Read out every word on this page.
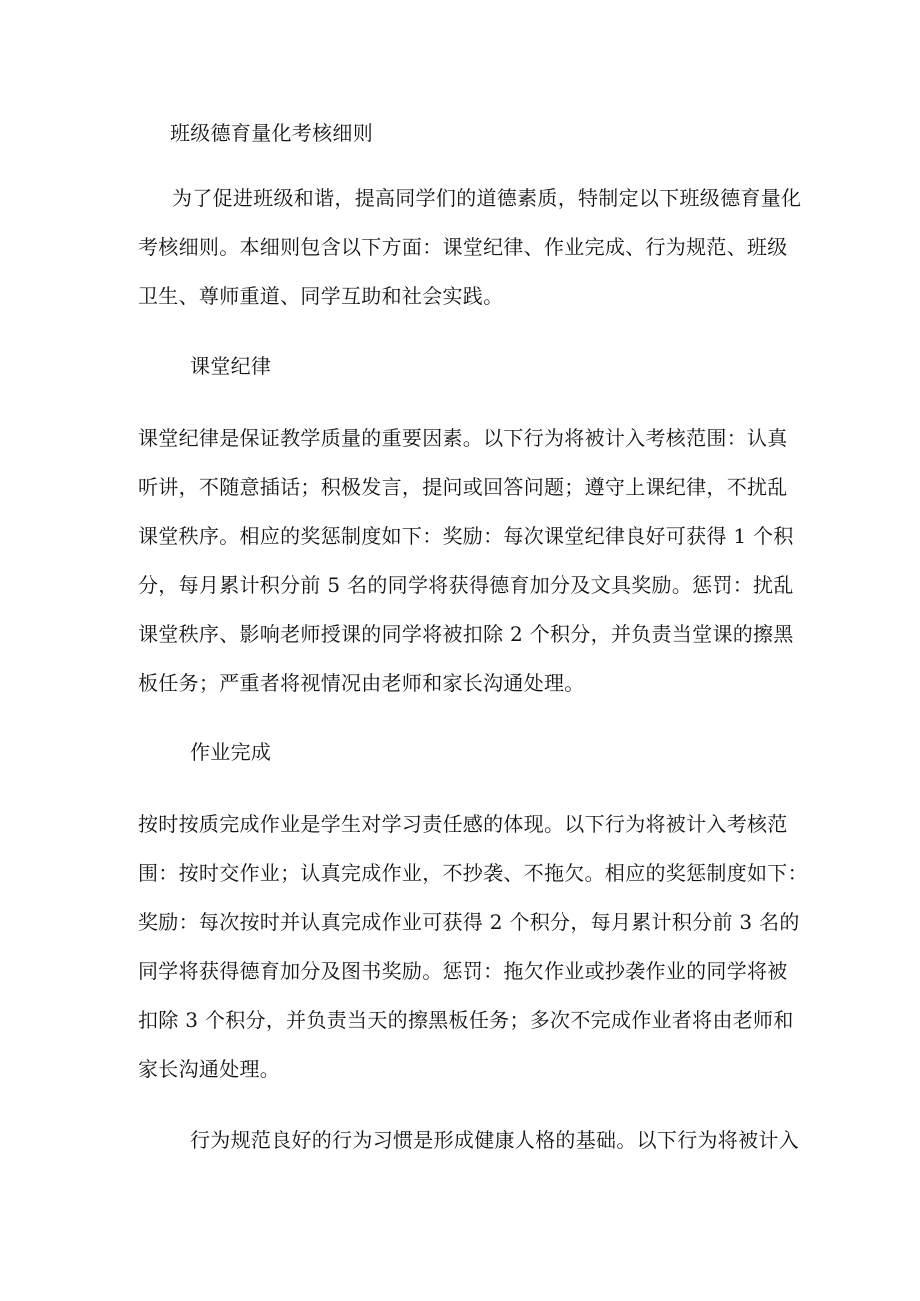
班级德育量化考核细则
为了促进班级和谐，提高同学们的道德素质，特制定以下班级德育量化
考核细则。本细则包含以下方面：课堂纪律、作业完成、行为规范、班级
卫生、尊师重道、同学互助和社会实践。
课堂纪律
课堂纪律是保证教学质量的重要因素。以下行为将被计入考核范围：认真
听讲，不随意插话；积极发言，提问或回答问题；遵守上课纪律，不扰乱
课堂秩序。相应的奖惩制度如下：奖励：每次课堂纪律良好可获得 1 个积
分，每月累计积分前 5 名的同学将获得德育加分及文具奖励。惩罚：扰乱
课堂秩序、影响老师授课的同学将被扣除 2 个积分，并负责当堂课的擦黑
板任务；严重者将视情况由老师和家长沟通处理。
作业完成
按时按质完成作业是学生对学习责任感的体现。以下行为将被计入考核范
围：按时交作业；认真完成作业，不抄袭、不拖欠。相应的奖惩制度如下：
奖励：每次按时并认真完成作业可获得 2 个积分，每月累计积分前 3 名的
同学将获得德育加分及图书奖励。惩罚：拖欠作业或抄袭作业的同学将被
扣除 3 个积分，并负责当天的擦黑板任务；多次不完成作业者将由老师和
家长沟通处理。
行为规范良好的行为习惯是形成健康人格的基础。以下行为将被计入
